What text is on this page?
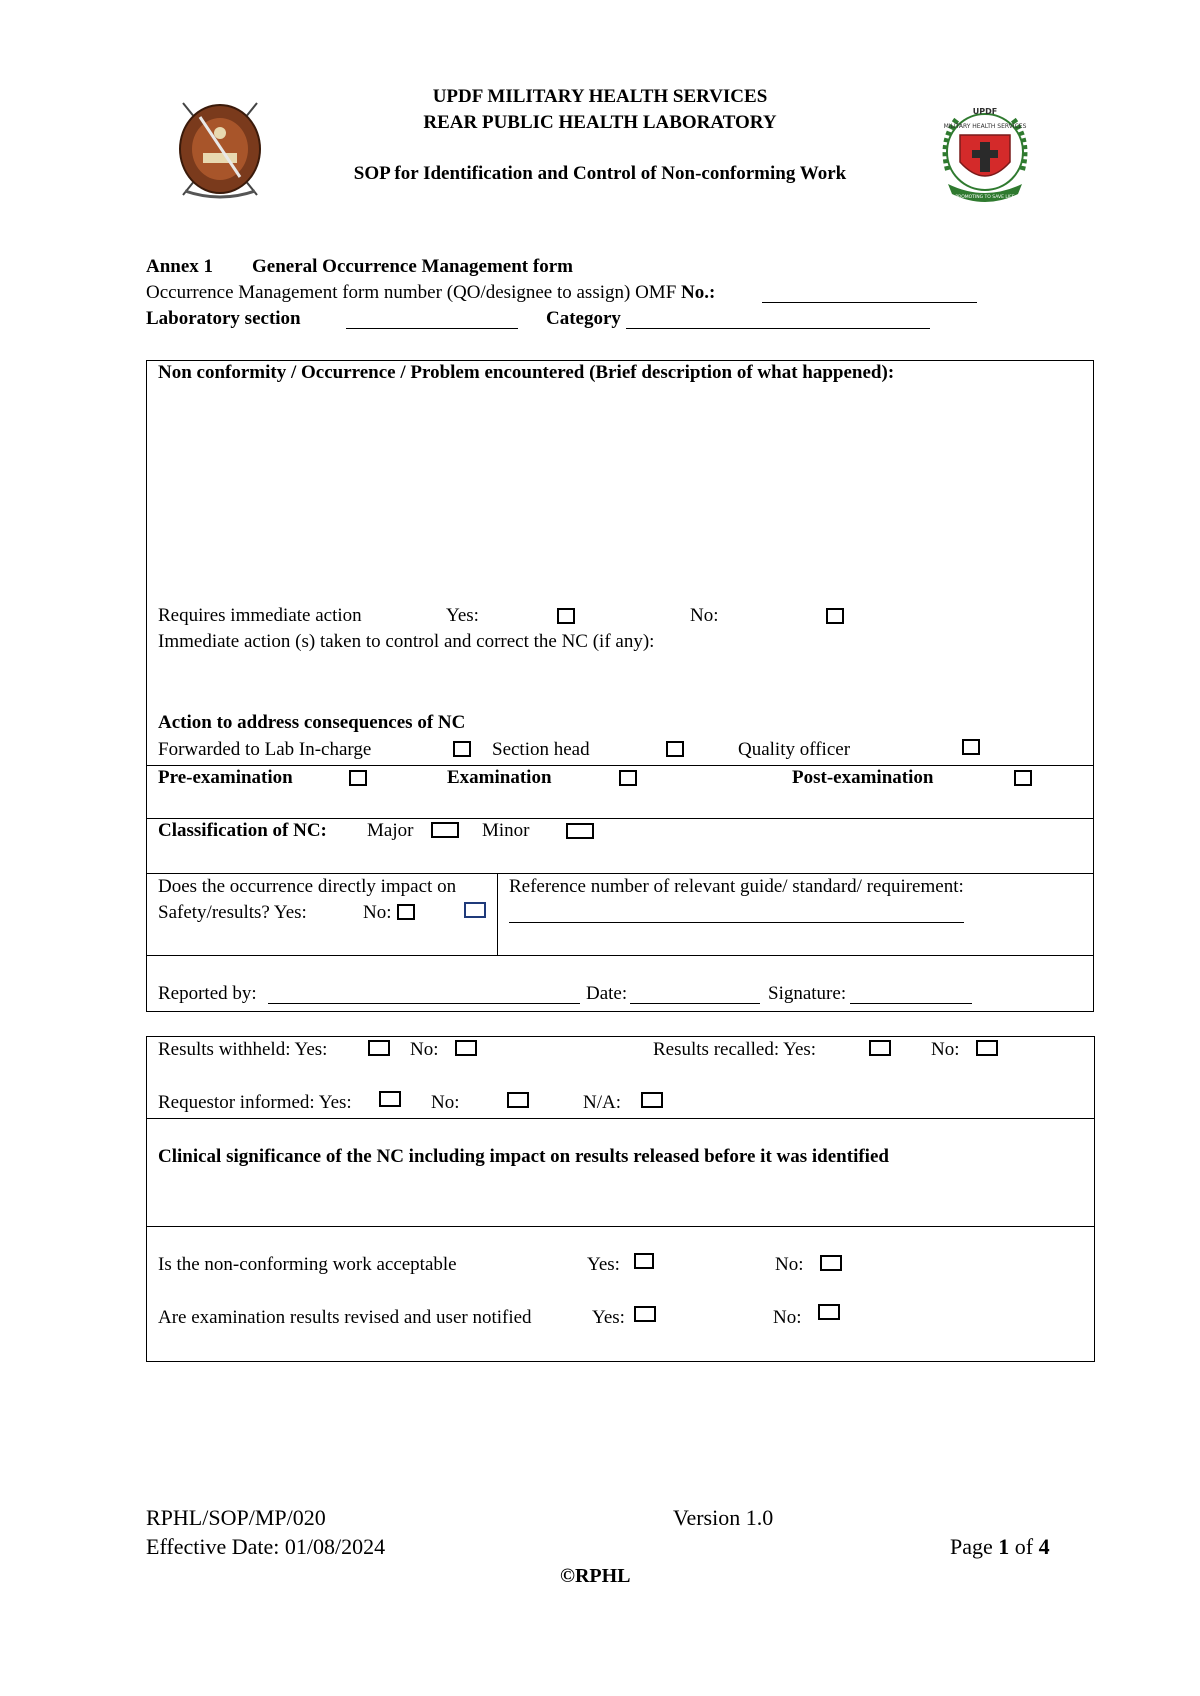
UPDF MILITARY HEALTH SERVICES
REAR PUBLIC HEALTH LABORATORY
SOP for Identification and Control of Non-conforming Work
UPDF
MILITARY HEALTH SERVICES
PROMOTING TO SAVE LIFE
Annex 1 General Occurrence Management form
Occurrence Management form number (QO/designee to assign) OMF No.:
Laboratory section	Category
Non conformity / Occurrence / Problem encountered (Brief description of what happened):
Requires immediate action	Yes:	No:
Immediate action (s) taken to control and correct the NC (if any):
Action to address consequences of NC
Forwarded to Lab In-charge	Section head	Quality officer
Pre-examination	Examination	Post-examination
Classification of NC: Major	Minor
Does the occurrence directly impact on
Safety/results? Yes:	No:
Reference number of relevant guide/ standard/ requirement:
Reported by:	Date:	Signature:
Results withheld: Yes:	No:	Results recalled: Yes:	No:
Requestor informed: Yes:	No:	N/A:
Clinical significance of the NC including impact on results released before it was identified
Is the non-conforming work acceptable	Yes:	No:
Are examination results revised and user notified	Yes:	No:
RPHL/SOP/MP/020	Version 1.0
Effective Date: 01/08/2024	Page 1 of 4
©RPHL
